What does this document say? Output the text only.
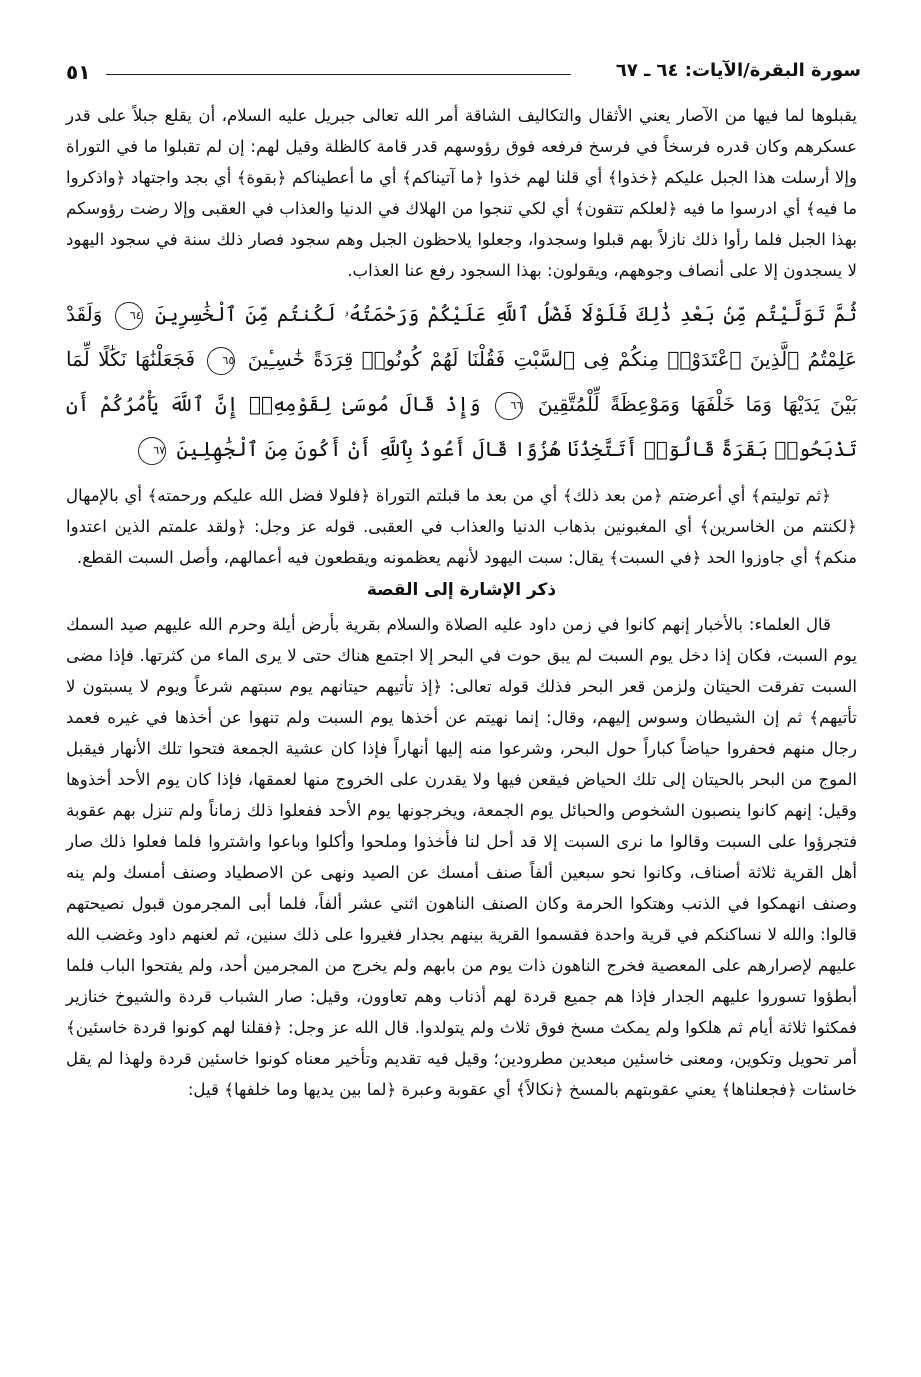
٥١	سورة البقرة/الآيات: ٦٤ ـ ٦٧

يقبلوها لما فيها من الآصار يعني الأثقال والتكاليف الشاقة أمر الله تعالى جبريل عليه السلام، أن يقلع جبلاً على قدر عسكرهم وكان قدره فرسخاً في فرسخ فرفعه فوق رؤوسهم قدر قامة كالظلة وقيل لهم: إن لم تقبلوا ما في التوراة وإلا أرسلت هذا الجبل عليكم ﴿خذوا﴾ أي قلنا لهم خذوا ﴿ما آتيناكم﴾ أي ما أعطيناكم ﴿بقوة﴾ أي بجد واجتهاد ﴿واذكروا ما فيه﴾ أي ادرسوا ما فيه ﴿لعلكم تتقون﴾ أي لكي تنجوا من الهلاك في الدنيا والعذاب في العقبى وإلا رضت رؤوسكم بهذا الجبل فلما رأوا ذلك نازلاً بهم قبلوا وسجدوا، وجعلوا يلاحظون الجبل وهم سجود فصار ذلك سنة في سجود اليهود لا يسجدون إلا على أنصاف وجوههم، ويقولون: بهذا السجود رفع عنا العذاب.

ثُمَّ تَوَلَّيْتُم مِّنۢ بَعْدِ ذَٰلِكَ فَلَوْلَا فَضْلُ ٱللَّهِ عَلَيْكُمْ وَرَحْمَتُهُۥ لَكُنتُم مِّنَ ٱلْخَٰسِرِينَ ٦٤ وَلَقَدْ عَلِمْتُمُ ٱلَّذِينَ ٱعْتَدَوْا۟ مِنكُمْ فِى ٱلسَّبْتِ فَقُلْنَا لَهُمْ كُونُوا۟ قِرَدَةً خَٰسِـِٔينَ ٦٥ فَجَعَلْنَٰهَا نَكَٰلًا لِّمَا بَيْنَ يَدَيْهَا وَمَا خَلْفَهَا وَمَوْعِظَةً لِّلْمُتَّقِينَ ٦٦ وَإِذْ قَالَ مُوسَىٰ لِقَوْمِهِۦٓ إِنَّ ٱللَّهَ يَأْمُرُكُمْ أَن تَذْبَحُوا۟ بَقَرَةً قَالُوٓا۟ أَتَتَّخِذُنَا هُزُوًا قَالَ أَعُوذُ بِٱللَّهِ أَنْ أَكُونَ مِنَ ٱلْجَٰهِلِينَ ٦٧

﴿ثم توليتم﴾ أي أعرضتم ﴿من بعد ذلك﴾ أي من بعد ما قبلتم التوراة ﴿فلولا فضل الله عليكم ورحمته﴾ أي بالإمهال ﴿لكنتم من الخاسرين﴾ أي المغبونين بذهاب الدنيا والعذاب في العقبى. قوله عز وجل: ﴿ولقد علمتم الذين اعتدوا منكم﴾ أي جاوزوا الحد ﴿في السبت﴾ يقال: سبت اليهود لأنهم يعظمونه ويقطعون فيه أعمالهم، وأصل السبت القطع.

ذكر الإشارة إلى القصة

قال العلماء: بالأخبار إنهم كانوا في زمن داود عليه الصلاة والسلام بقرية بأرض أيلة وحرم الله عليهم صيد السمك يوم السبت، فكان إذا دخل يوم السبت لم يبق حوت في البحر إلا اجتمع هناك حتى لا يرى الماء من كثرتها. فإذا مضى السبت تفرقت الحيتان ولزمن قعر البحر فذلك قوله تعالى: ﴿إذ تأتيهم حيتانهم يوم سبتهم شرعاً ويوم لا يسبتون لا تأتيهم﴾ ثم إن الشيطان وسوس إليهم، وقال: إنما نهيتم عن أخذها يوم السبت ولم تنهوا عن أخذها في غيره فعمد رجال منهم فحفروا حياضاً كباراً حول البحر، وشرعوا منه إليها أنهاراً فإذا كان عشية الجمعة فتحوا تلك الأنهار فيقبل الموج من البحر بالحيتان إلى تلك الحياض فيقعن فيها ولا يقدرن على الخروج منها لعمقها، فإذا كان يوم الأحد أخذوها وقيل: إنهم كانوا ينصبون الشخوص والحبائل يوم الجمعة، ويخرجونها يوم الأحد ففعلوا ذلك زماناً ولم تنزل بهم عقوبة فتجرؤوا على السبت وقالوا ما نرى السبت إلا قد أحل لنا فأخذوا وملحوا وأكلوا وباعوا واشتروا فلما فعلوا ذلك صار أهل القرية ثلاثة أصناف، وكانوا نحو سبعين ألفاً صنف أمسك عن الصيد ونهى عن الاصطياد وصنف أمسك ولم ينه وصنف انهمكوا في الذنب وهتكوا الحرمة وكان الصنف الناهون اثني عشر ألفاً، فلما أبى المجرمون قبول نصيحتهم قالوا: والله لا نساكنكم في قرية واحدة فقسموا القرية بينهم بجدار فغيروا على ذلك سنين، ثم لعنهم داود وغضب الله عليهم لإصرارهم على المعصية فخرج الناهون ذات يوم من بابهم ولم يخرج من المجرمين أحد، ولم يفتحوا الباب فلما أبطؤوا تسوروا عليهم الجدار فإذا هم جميع قردة لهم أذناب وهم تعاوون، وقيل: صار الشباب قردة والشيوخ خنازير فمكثوا ثلاثة أيام ثم هلكوا ولم يمكث مسخ فوق ثلاث ولم يتولدوا. قال الله عز وجل: ﴿فقلنا لهم كونوا قردة خاسئين﴾ أمر تحويل وتكوين، ومعنى خاسئين مبعدين مطرودين؛ وقيل فيه تقديم وتأخير معناه كونوا خاسئين قردة ولهذا لم يقل خاسئات ﴿فجعلناها﴾ يعني عقوبتهم بالمسخ ﴿نكالاً﴾ أي عقوبة وعبرة ﴿لما بين يديها وما خلفها﴾ قيل:
